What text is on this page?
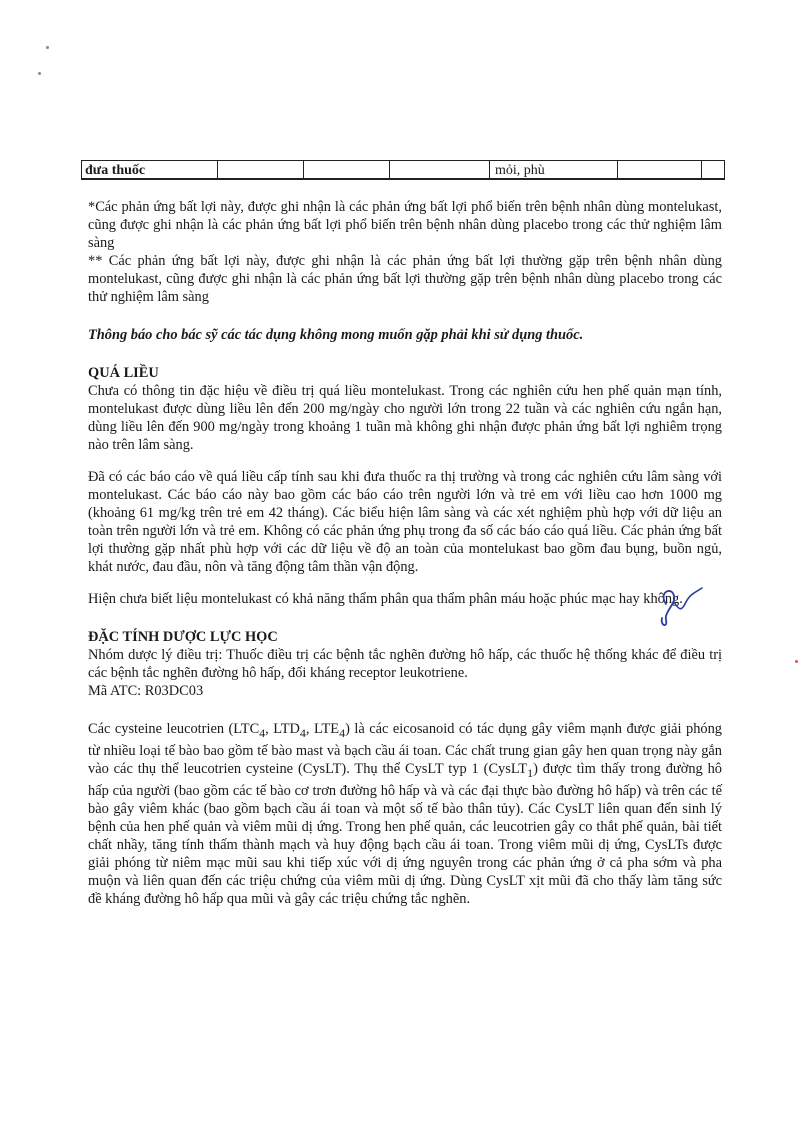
đưa thuốc	mỏi, phù

*Các phản ứng bất lợi này, được ghi nhận là các phản ứng bất lợi phổ biến trên bệnh nhân dùng montelukast, cũng được ghi nhận là các phản ứng bất lợi phổ biến trên bệnh nhân dùng placebo trong các thử nghiệm lâm sàng

** Các phản ứng bất lợi này, được ghi nhận là các phản ứng bất lợi thường gặp trên bệnh nhân dùng montelukast, cũng được ghi nhận là các phản ứng bất lợi thường gặp trên bệnh nhân dùng placebo trong các thử nghiệm lâm sàng

Thông báo cho bác sỹ các tác dụng không mong muốn gặp phải khi sử dụng thuốc.

QUÁ LIỀU

Chưa có thông tin đặc hiệu về điều trị quá liều montelukast. Trong các nghiên cứu hen phế quản mạn tính, montelukast được dùng liều lên đến 200 mg/ngày cho người lớn trong 22 tuần và các nghiên cứu ngắn hạn, dùng liều lên đến 900 mg/ngày trong khoảng 1 tuần mà không ghi nhận được phản ứng bất lợi nghiêm trọng nào trên lâm sàng.

Đã có các báo cáo về quá liều cấp tính sau khi đưa thuốc ra thị trường và trong các nghiên cứu lâm sàng với montelukast. Các báo cáo này bao gồm các báo cáo trên người lớn và trẻ em với liều cao hơn 1000 mg (khoảng 61 mg/kg trên trẻ em 42 tháng). Các biểu hiện lâm sàng và các xét nghiệm phù hợp với dữ liệu an toàn trên người lớn và trẻ em. Không có các phản ứng phụ trong đa số các báo cáo quá liều. Các phản ứng bất lợi thường gặp nhất phù hợp với các dữ liệu về độ an toàn của montelukast bao gồm đau bụng, buồn ngủ, khát nước, đau đầu, nôn và tăng động tâm thần vận động.

Hiện chưa biết liệu montelukast có khả năng thẩm phân qua thẩm phân máu hoặc phúc mạc hay không.

ĐẶC TÍNH DƯỢC LỰC HỌC

Nhóm dược lý điều trị: Thuốc điều trị các bệnh tắc nghẽn đường hô hấp, các thuốc hệ thống khác để điều trị các bệnh tắc nghẽn đường hô hấp, đối kháng receptor leukotriene.

Mã ATC: R03DC03

Các cysteine leucotrien ($LTC_4$, $LTD_4$, $LTE_4$) là các eicosanoid có tác dụng gây viêm mạnh được giải phóng từ nhiều loại tế bào bao gồm tế bào mast và bạch cầu ái toan. Các chất trung gian gây hen quan trọng này gắn vào các thụ thể leucotrien cysteine (CysLT). Thụ thể CysLT typ 1 (CysLT$_1$) được tìm thấy trong đường hô hấp của người (bao gồm các tế bào cơ trơn đường hô hấp và và các đại thực bào đường hô hấp) và trên các tế bào gây viêm khác (bao gồm bạch cầu ái toan và một số tế bào thân tủy). Các CysLT liên quan đến sinh lý bệnh của hen phế quản và viêm mũi dị ứng. Trong hen phế quản, các leucotrien gây co thắt phế quản, bài tiết chất nhầy, tăng tính thấm thành mạch và huy động bạch cầu ái toan. Trong viêm mũi dị ứng, CysLTs được giải phóng từ niêm mạc mũi sau khi tiếp xúc với dị ứng nguyên trong các phản ứng ở cả pha sớm và pha muộn và liên quan đến các triệu chứng của viêm mũi dị ứng. Dùng CysLT xịt mũi đã cho thấy làm tăng sức đề kháng đường hô hấp qua mũi và gây các triệu chứng tắc nghẽn.
